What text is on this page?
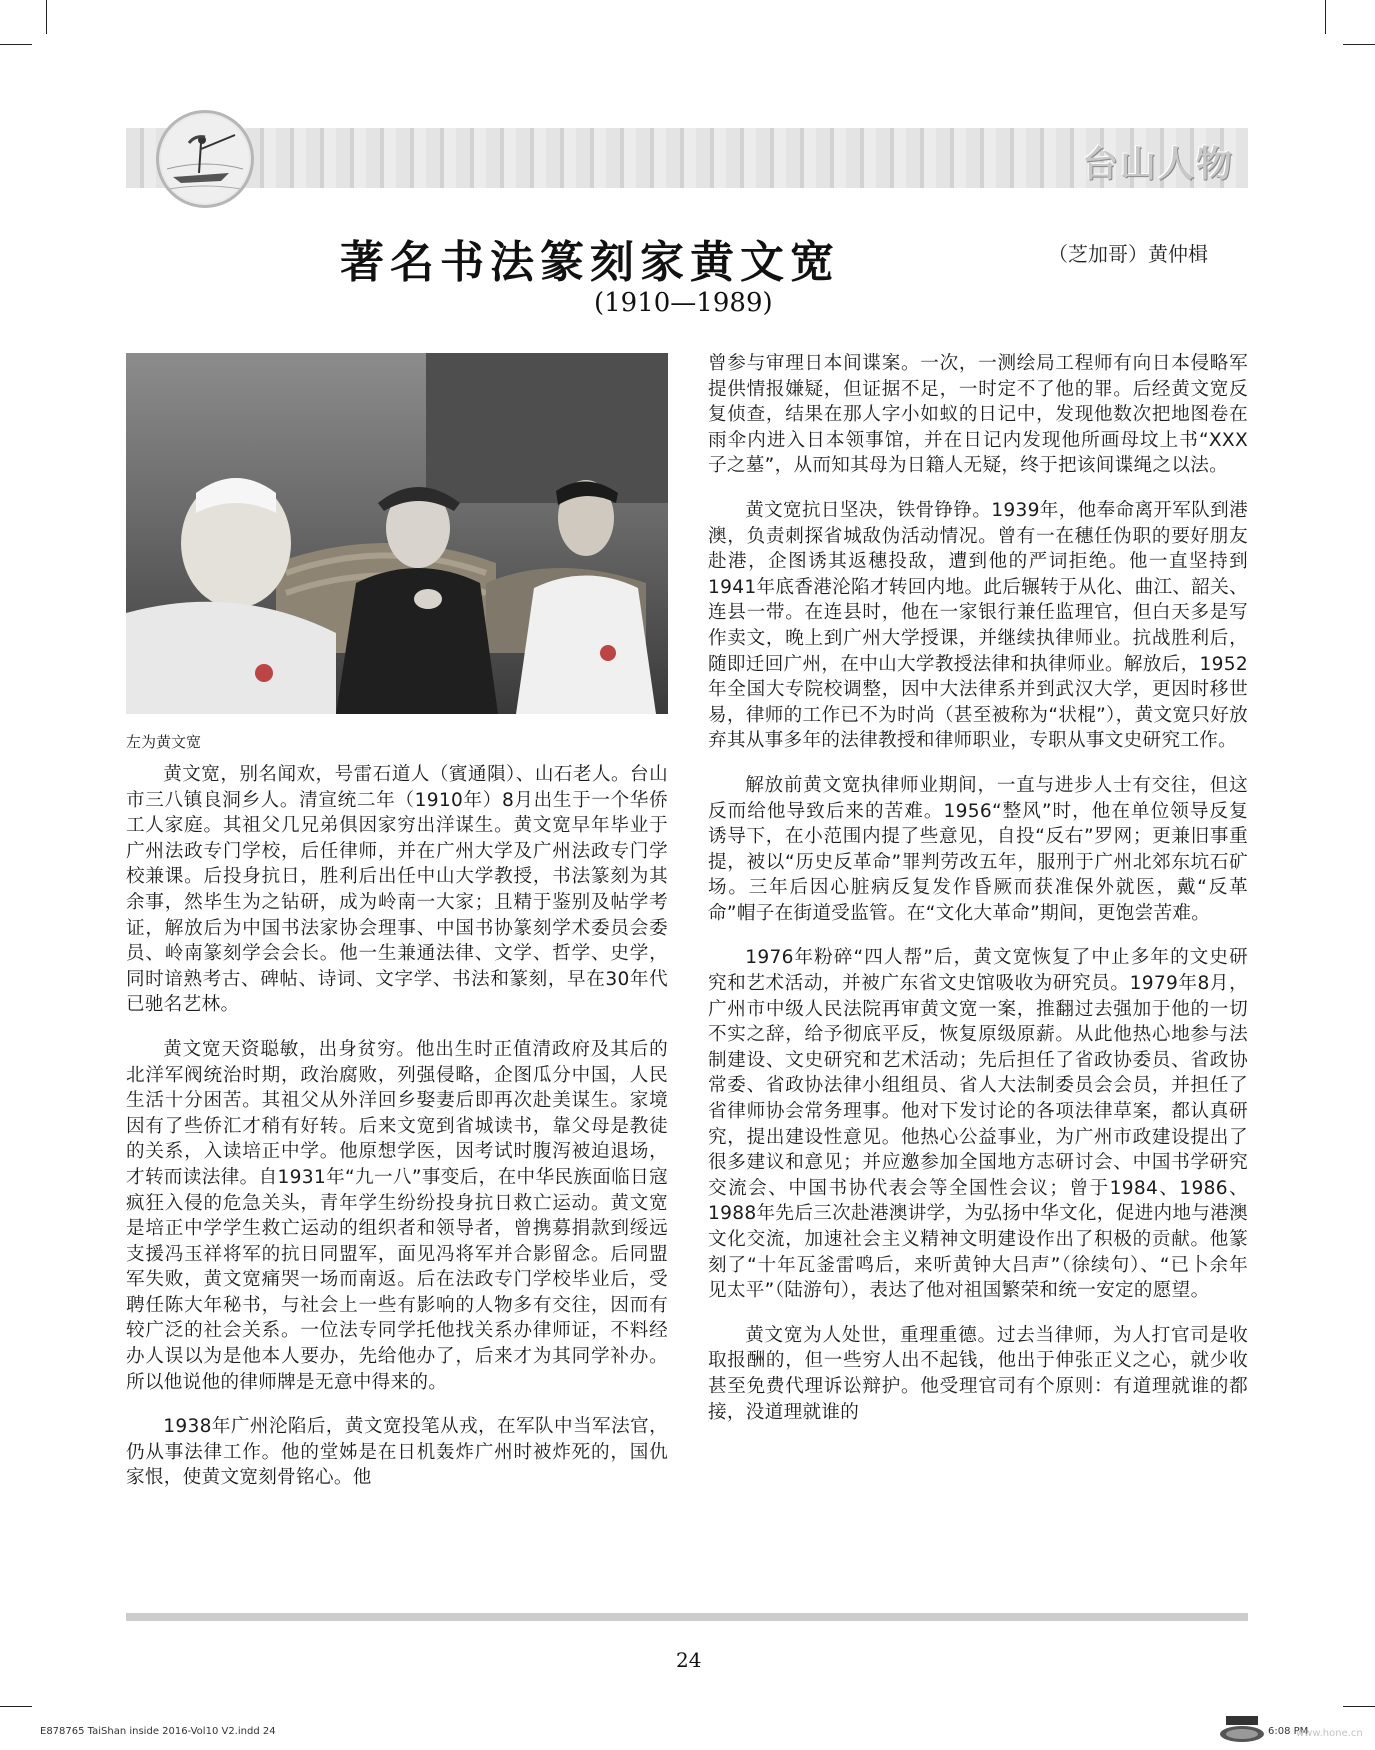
台山人物
著名书法篆刻家黄文宽	（芝加哥）黄仲楫
(1910—1989)
左为黄文宽

黄文宽，别名闻欢，号雷石道人（賓通隕）、山石老人。台山市三八镇良洞乡人。清宣统二年（1910年）8月出生于一个华侨工人家庭。其祖父几兄弟俱因家穷出洋谋生。黄文宽早年毕业于广州法政专门学校，后任律师，并在广州大学及广州法政专门学校兼课。后投身抗日，胜利后出任中山大学教授，书法篆刻为其余事，然毕生为之钻研，成为岭南一大家；且精于鉴别及帖学考证，解放后为中国书法家协会理事、中国书协篆刻学术委员会委员、岭南篆刻学会会长。他一生兼通法律、文学、哲学、史学，同时谙熟考古、碑帖、诗词、文字学、书法和篆刻，早在30年代已驰名艺林。

黄文宽天资聪敏，出身贫穷。他出生时正值清政府及其后的北洋军阀统治时期，政治腐败，列强侵略，企图瓜分中国，人民生活十分困苦。其祖父从外洋回乡娶妻后即再次赴美谋生。家境因有了些侨汇才稍有好转。后来文宽到省城读书，靠父母是教徒的关系，入读培正中学。他原想学医，因考试时腹泻被迫退场，才转而读法律。自1931年“九一八”事变后，在中华民族面临日寇疯狂入侵的危急关头，青年学生纷纷投身抗日救亡运动。黄文宽是培正中学学生救亡运动的组织者和领导者，曾携募捐款到绥远支援冯玉祥将军的抗日同盟军，面见冯将军并合影留念。后同盟军失败，黄文宽痛哭一场而南返。后在法政专门学校毕业后，受聘任陈大年秘书，与社会上一些有影响的人物多有交往，因而有较广泛的社会关系。一位法专同学托他找关系办律师证，不料经办人误以为是他本人要办，先给他办了，后来才为其同学补办。所以他说他的律师牌是无意中得来的。

1938年广州沦陷后，黄文宽投笔从戎，在军队中当军法官，仍从事法律工作。他的堂姊是在日机轰炸广州时被炸死的，国仇家恨，使黄文宽刻骨铭心。他

曾参与审理日本间谍案。一次，一测绘局工程师有向日本侵略军提供情报嫌疑，但证据不足，一时定不了他的罪。后经黄文宽反复侦查，结果在那人字小如蚁的日记中，发现他数次把地图卷在雨伞内进入日本领事馆，并在日记内发现他所画母坟上书“XXX子之墓”，从而知其母为日籍人无疑，终于把该间谍绳之以法。

黄文宽抗日坚决，铁骨铮铮。1939年，他奉命离开军队到港澳，负责刺探省城敌伪活动情况。曾有一在穗任伪职的要好朋友赴港，企图诱其返穗投敌，遭到他的严词拒绝。他一直坚持到1941年底香港沦陷才转回内地。此后辗转于从化、曲江、韶关、连县一带。在连县时，他在一家银行兼任监理官，但白天多是写作卖文，晚上到广州大学授课，并继续执律师业。抗战胜利后，随即迁回广州，在中山大学教授法律和执律师业。解放后，1952年全国大专院校调整，因中大法律系并到武汉大学，更因时移世易，律师的工作已不为时尚（甚至被称为“状棍”），黄文宽只好放弃其从事多年的法律教授和律师职业，专职从事文史研究工作。

解放前黄文宽执律师业期间，一直与进步人士有交往，但这反而给他导致后来的苦难。1956“整风”时，他在单位领导反复诱导下，在小范围内提了些意见，自投“反右”罗网；更兼旧事重提，被以“历史反革命”罪判劳改五年，服刑于广州北郊东坑石矿场。三年后因心脏病反复发作昏厥而获准保外就医，戴“反革命”帽子在街道受监管。在“文化大革命”期间，更饱尝苦难。

1976年粉碎“四人帮”后，黄文宽恢复了中止多年的文史研究和艺术活动，并被广东省文史馆吸收为研究员。1979年8月，广州市中级人民法院再审黄文宽一案，推翻过去强加于他的一切不实之辞，给予彻底平反，恢复原级原薪。从此他热心地参与法制建设、文史研究和艺术活动；先后担任了省政协委员、省政协常委、省政协法律小组组员、省人大法制委员会会员，并担任了省律师协会常务理事。他对下发讨论的各项法律草案，都认真研究，提出建设性意见。他热心公益事业，为广州市政建设提出了很多建议和意见；并应邀参加全国地方志研讨会、中国书学研究交流会、中国书协代表会等全国性会议；曾于1984、1986、1988年先后三次赴港澳讲学，为弘扬中华文化，促进内地与港澳文化交流，加速社会主义精神文明建设作出了积极的贡献。他篆刻了“十年瓦釜雷鸣后，来听黄钟大吕声”（徐续句）、“已卜余年见太平”（陆游句），表达了他对祖国繁荣和统一安定的愿望。

黄文宽为人处世，重理重德。过去当律师，为人打官司是收取报酬的，但一些穷人出不起钱，他出于伸张正义之心，就少收甚至免费代理诉讼辩护。他受理官司有个原则：有道理就谁的都接，没道理就谁的

24
E878765 TaiShan inside 2016-Vol10 V2.indd 24	6:08 PM
www.hone.cn
